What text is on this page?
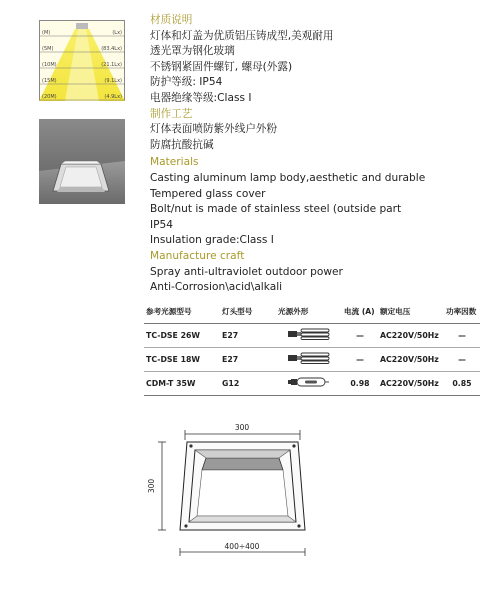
(M)	(Lx)
(5M)	(83.4Lx)
(10M)	(21.1Lx)
(15M)	(9.1Lx)
(20M)	(4.9Lx)
材质说明
灯体和灯盖为优质铝压铸成型,美观耐用
透光罩为钢化玻璃
不锈钢紧固件螺钉, 螺母(外露)
防护等级: IP54
电器绝缘等级:Class Ⅰ
制作工艺
灯体表面喷防紫外线户外粉
防腐抗酸抗碱
Materials
Casting aluminum lamp body,aesthetic and durable
Tempered glass cover
Bolt/nut is made of stainless steel (outside part
IP54
Insulation grade:Class Ⅰ
Manufacture craft
Spray anti-ultraviolet outdoor power
Anti-Corrosion\acid\alkali
参考光源型号	灯头型号	光源外形	电流 (A)	额定电压	功率因数
TC-DSE 26W	E27		—	AC220V/50Hz	—
TC-DSE 18W	E27		—	AC220V/50Hz	—
CDM-T 35W	G12		0.98	AC220V/50Hz	0.85
300
300
400÷400
